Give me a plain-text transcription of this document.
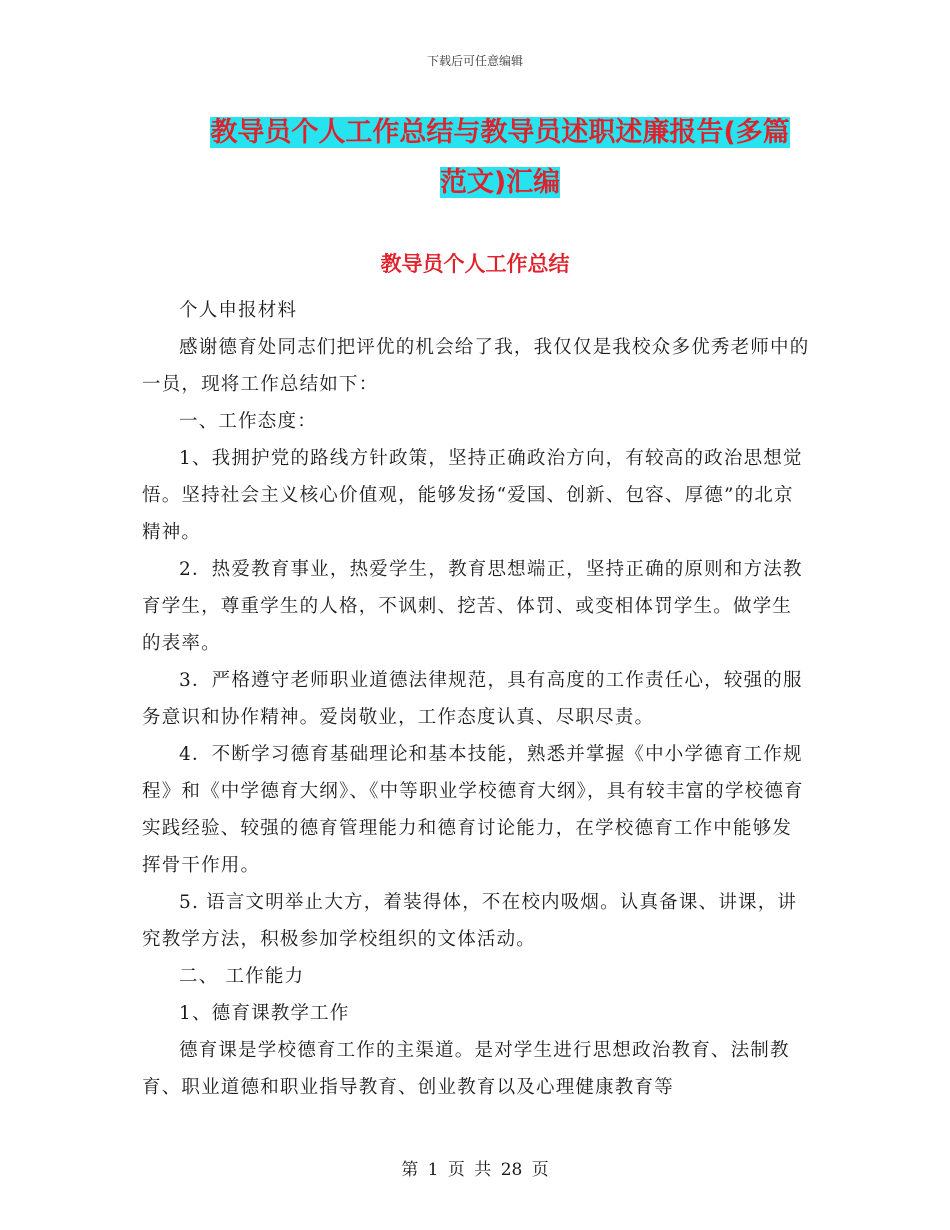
下载后可任意编辑
教导员个人工作总结与教导员述职述廉报告(多篇范文)汇编
教导员个人工作总结

个人申报材料

感谢德育处同志们把评优的机会给了我，我仅仅是我校众多优秀老师中的一员，现将工作总结如下：

一、工作态度：

1、我拥护党的路线方针政策，坚持正确政治方向，有较高的政治思想觉悟。坚持社会主义核心价值观，能够发扬“爱国、创新、包容、厚德”的北京精神。

2．热爱教育事业，热爱学生，教育思想端正，坚持正确的原则和方法教育学生，尊重学生的人格，不讽刺、挖苦、体罚、或变相体罚学生。做学生的表率。

3．严格遵守老师职业道德法律规范，具有高度的工作责任心，较强的服务意识和协作精神。爱岗敬业，工作态度认真、尽职尽责。

4．不断学习德育基础理论和基本技能，熟悉并掌握《中小学德育工作规程》和《中学德育大纲》、《中等职业学校德育大纲》，具有较丰富的学校德育实践经验、较强的德育管理能力和德育讨论能力，在学校德育工作中能够发挥骨干作用。

5. 语言文明举止大方，着装得体，不在校内吸烟。认真备课、讲课，讲究教学方法，积极参加学校组织的文体活动。

二、 工作能力

1、德育课教学工作

德育课是学校德育工作的主渠道。是对学生进行思想政治教育、法制教育、职业道德和职业指导教育、创业教育以及心理健康教育等

第 1 页 共 28 页
